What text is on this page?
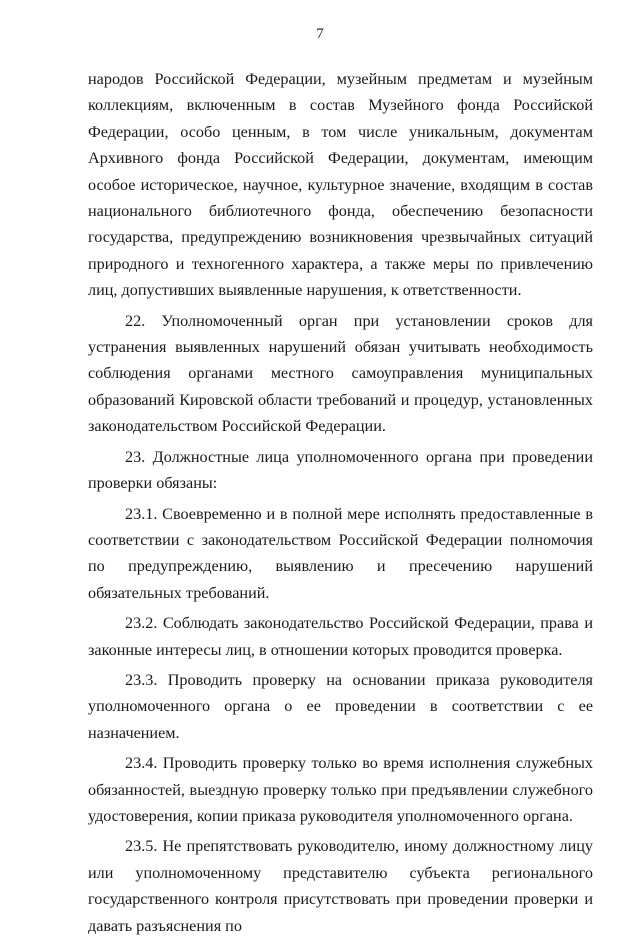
7

народов Российской Федерации, музейным предметам и музейным коллекциям, включенным в состав Музейного фонда Российской Федерации, особо ценным, в том числе уникальным, документам Архивного фонда Российской Федерации, документам, имеющим особое историческое, научное, культурное значение, входящим в состав национального библиотечного фонда, обеспечению безопасности государства, предупреждению возникновения чрезвычайных ситуаций природного и техногенного характера, а также меры по привлечению лиц, допустивших выявленные нарушения, к ответственности.

22. Уполномоченный орган при установлении сроков для устранения выявленных нарушений обязан учитывать необходимость соблюдения органами местного самоуправления муниципальных образований Кировской области требований и процедур, установленных законодательством Российской Федерации.

23. Должностные лица уполномоченного органа при проведении проверки обязаны:

23.1. Своевременно и в полной мере исполнять предоставленные в соответствии с законодательством Российской Федерации полномочия по предупреждению, выявлению и пресечению нарушений обязательных требований.

23.2. Соблюдать законодательство Российской Федерации, права и законные интересы лиц, в отношении которых проводится проверка.

23.3. Проводить проверку на основании приказа руководителя уполномоченного органа о ее проведении в соответствии с ее назначением.

23.4. Проводить проверку только во время исполнения служебных обязанностей, выездную проверку только при предъявлении служебного удостоверения, копии приказа руководителя уполномоченного органа.

23.5. Не препятствовать руководителю, иному должностному лицу или уполномоченному представителю субъекта регионального государственного контроля присутствовать при проведении проверки и давать разъяснения по
